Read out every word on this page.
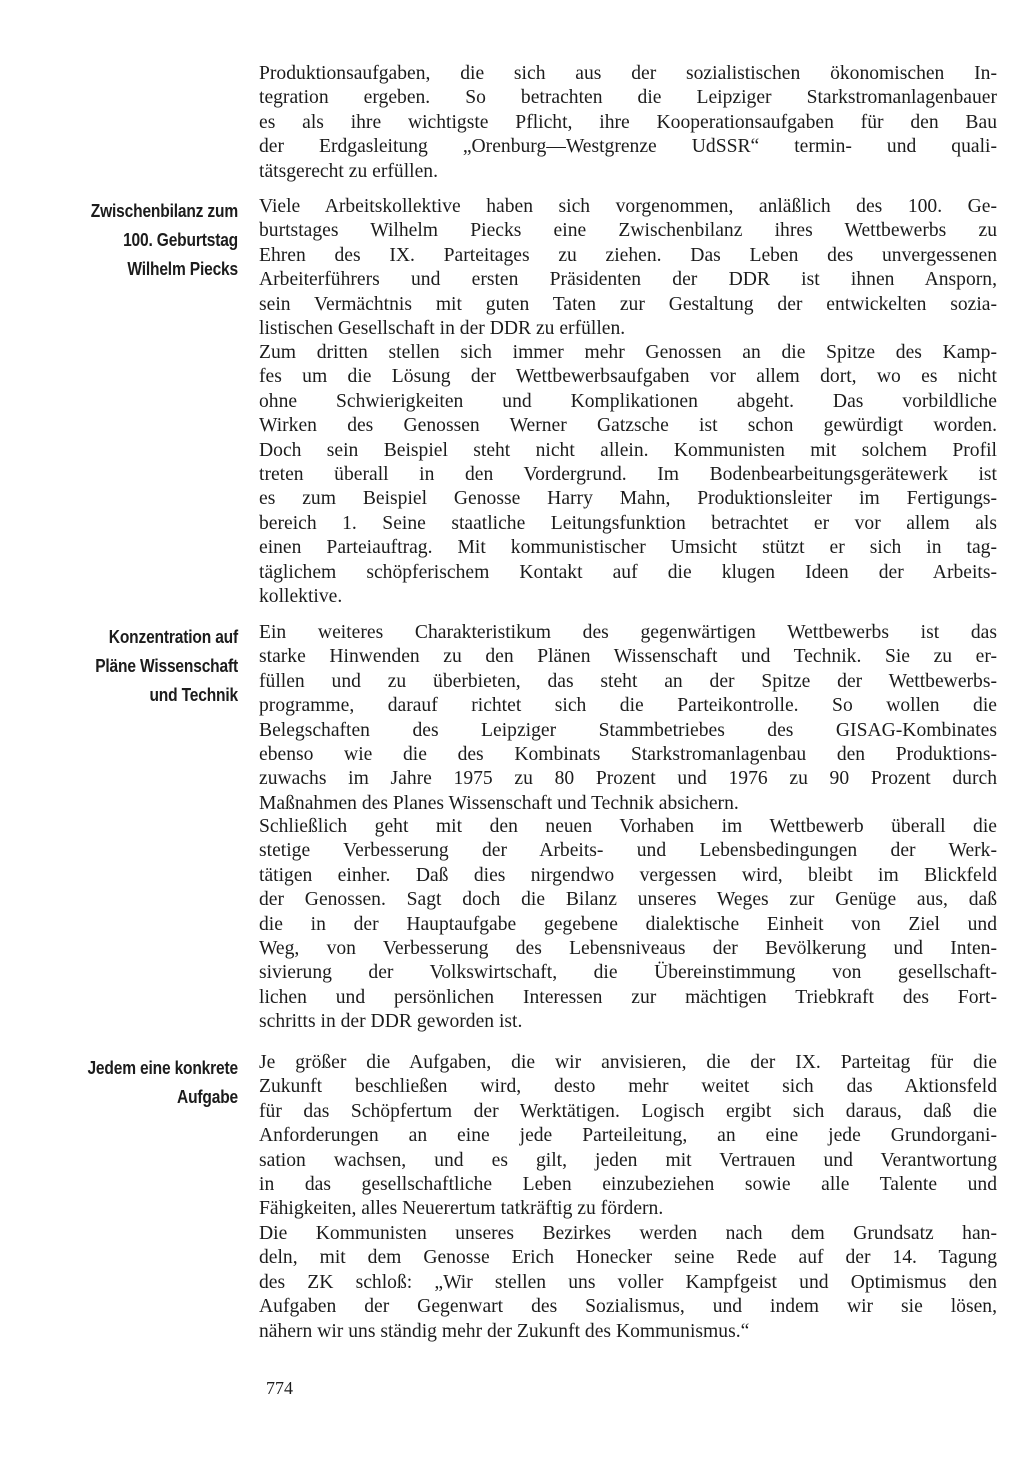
Zwischenbilanz zum
100. Geburtstag
Wilhelm Piecks
Konzentration auf
Pläne Wissenschaft
und Technik
Jedem eine konkrete
Aufgabe
Produktionsaufgaben, die sich aus der sozialistischen ökonomischen In-
tegration ergeben. So betrachten die Leipziger Starkstromanlagenbauer
es als ihre wichtigste Pflicht, ihre Kooperationsaufgaben für den Bau
der Erdgasleitung „Orenburg—Westgrenze UdSSR“ termin- und quali-
tätsgerecht zu erfüllen.
Viele Arbeitskollektive haben sich vorgenommen, anläßlich des 100. Ge-
burtstages Wilhelm Piecks eine Zwischenbilanz ihres Wettbewerbs zu
Ehren des IX. Parteitages zu ziehen. Das Leben des unvergessenen
Arbeiterführers und ersten Präsidenten der DDR ist ihnen Ansporn,
sein Vermächtnis mit guten Taten zur Gestaltung der entwickelten sozia-
listischen Gesellschaft in der DDR zu erfüllen.
Zum dritten stellen sich immer mehr Genossen an die Spitze des Kamp-
fes um die Lösung der Wettbewerbsaufgaben vor allem dort, wo es nicht
ohne Schwierigkeiten und Komplikationen abgeht. Das vorbildliche
Wirken des Genossen Werner Gatzsche ist schon gewürdigt worden.
Doch sein Beispiel steht nicht allein. Kommunisten mit solchem Profil
treten überall in den Vordergrund. Im Bodenbearbeitungsgerätewerk ist
es zum Beispiel Genosse Harry Mahn, Produktionsleiter im Fertigungs-
bereich 1. Seine staatliche Leitungsfunktion betrachtet er vor allem als
einen Parteiauftrag. Mit kommunistischer Umsicht stützt er sich in tag-
täglichem schöpferischem Kontakt auf die klugen Ideen der Arbeits-
kollektive.
Ein weiteres Charakteristikum des gegenwärtigen Wettbewerbs ist das
starke Hinwenden zu den Plänen Wissenschaft und Technik. Sie zu er-
füllen und zu überbieten, das steht an der Spitze der Wettbewerbs-
programme, darauf richtet sich die Parteikontrolle. So wollen die
Belegschaften des Leipziger Stammbetriebes des GISAG-Kombinates
ebenso wie die des Kombinats Starkstromanlagenbau den Produktions-
zuwachs im Jahre 1975 zu 80 Prozent und 1976 zu 90 Prozent durch
Maßnahmen des Planes Wissenschaft und Technik absichern.
Schließlich geht mit den neuen Vorhaben im Wettbewerb überall die
stetige Verbesserung der Arbeits- und Lebensbedingungen der Werk-
tätigen einher. Daß dies nirgendwo vergessen wird, bleibt im Blickfeld
der Genossen. Sagt doch die Bilanz unseres Weges zur Genüge aus, daß
die in der Hauptaufgabe gegebene dialektische Einheit von Ziel und
Weg, von Verbesserung des Lebensniveaus der Bevölkerung und Inten-
sivierung der Volkswirtschaft, die Übereinstimmung von gesellschaft-
lichen und persönlichen Interessen zur mächtigen Triebkraft des Fort-
schritts in der DDR geworden ist.
Je größer die Aufgaben, die wir anvisieren, die der IX. Parteitag für die
Zukunft beschließen wird, desto mehr weitet sich das Aktionsfeld
für das Schöpfertum der Werktätigen. Logisch ergibt sich daraus, daß die
Anforderungen an eine jede Parteileitung, an eine jede Grundorgani-
sation wachsen, und es gilt, jeden mit Vertrauen und Verantwortung
in das gesellschaftliche Leben einzubeziehen sowie alle Talente und
Fähigkeiten, alles Neuerertum tatkräftig zu fördern.
Die Kommunisten unseres Bezirkes werden nach dem Grundsatz han-
deln, mit dem Genosse Erich Honecker seine Rede auf der 14. Tagung
des ZK schloß: „Wir stellen uns voller Kampfgeist und Optimismus den
Aufgaben der Gegenwart des Sozialismus, und indem wir sie lösen,
nähern wir uns ständig mehr der Zukunft des Kommunismus.“
774
